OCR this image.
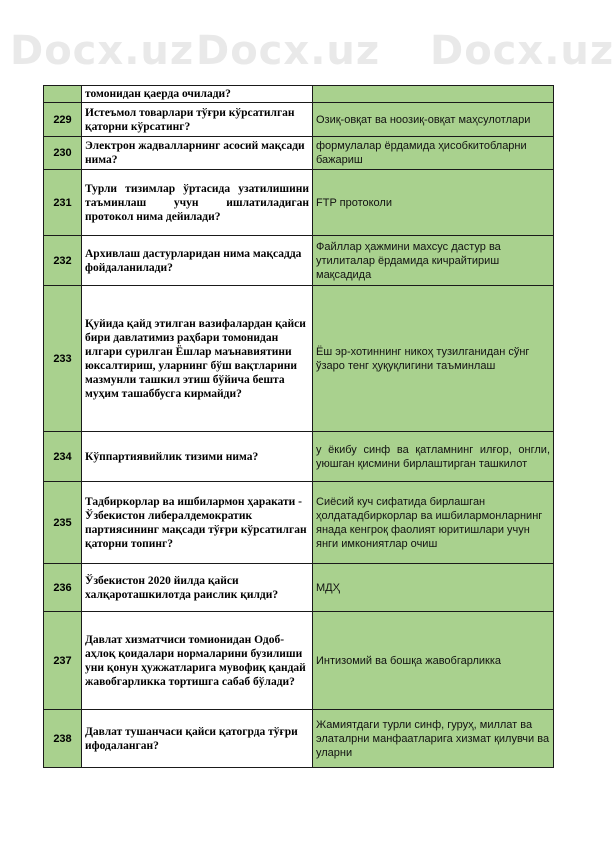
Docx.uz Docx.uz Docx.uz
	томонидан қаерда очилади?	
229	Истеъмол товарлари тўғри кўрсатилган қаторни кўрсатинг?	Озиқ-овқат ва ноозиқ-овқат маҳсулотлари
230	Электрон жадвалларнинг асосий мақсади нима?	формулалар ёрдамида ҳисобкитобларни бажариш
231	Турли тизимлар ўртасида узатилишини таъминлаш учун ишлатиладиган протокол нима дейилади?	FTP протоколи
232	Архивлаш дастурларидан нима мақсадда фойдаланилади?	Файллар ҳажмини махсус дастур ва утилиталар ёрдамида кичрайтириш мақсадида
233	Қуйида қайд этилган вазифалардан қайси бири давлатимиз раҳбари томонидан илгари сурилган Ёшлар маънавиятини юксалтириш, уларнинг бўш вақтларини мазмунли ташкил этиш бўйича бешта муҳим ташаббусга кирмайди?	Ёш эр-хотиннинг никоҳ тузилганидан сўнг ўзаро тенг ҳуқуқлигини таъминлаш
234	Кўппартиявийлик тизими нима?	у ёкибу синф ва қатламнинг илғор, онгли, уюшган қисмини бирлаштирган ташкилот
235	Тадбиркорлар ва ишбилармон ҳаракати - Ўзбекистон либералдемократик партиясининг мақсади тўғри кўрсатилган қаторни топинг?	Сиёсий куч сифатида бирлашган ҳолдатадбиркорлар ва ишбилармонларнинг янада кенгроқ фаолият юритишлари учун янги имкониятлар очиш
236	Ўзбекистон 2020 йилда қайси халқароташкилотда раислик қилди?	МДҲ
237	Давлат хизматчиси томионидан Одоб-аҳлоқ қоидалари нормаларини бузилиши уни қонун ҳужжатларига мувофиқ қандай жавобгарликка тортишга сабаб бўлади?	Интизомий ва бошқа жавобгарликка
238	Давлат тушанчаси қайси қатогрда тўғри ифодаланган?	Жамиятдаги турли синф, гуруҳ, миллат ва элаталрни манфаатларига хизмат қилувчи ва уларни
